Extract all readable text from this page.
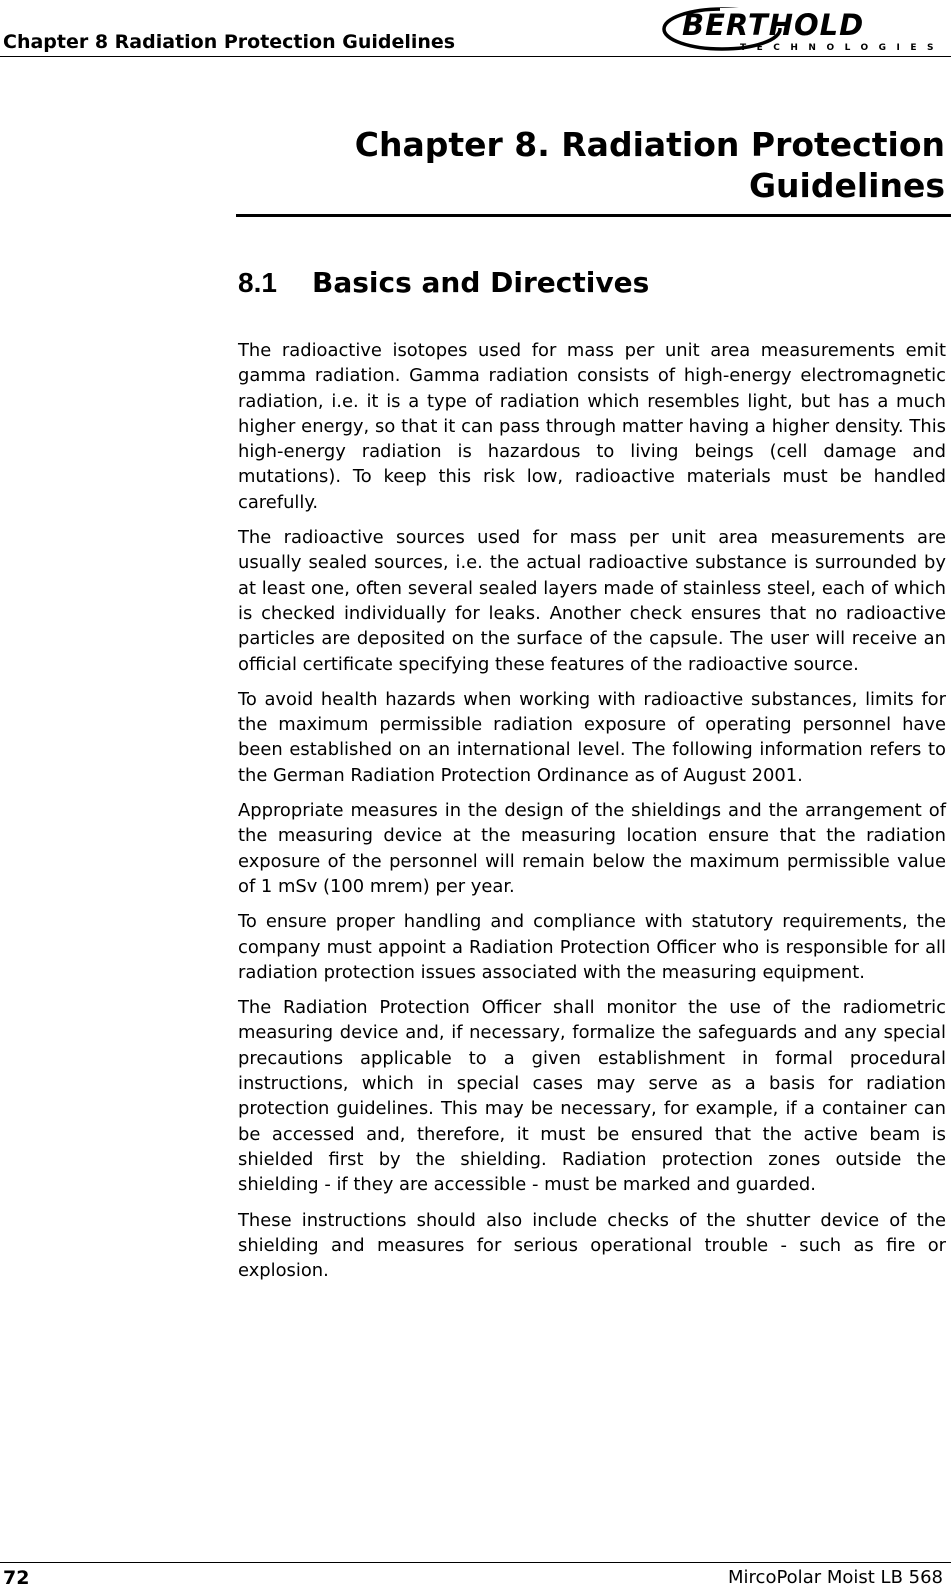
Chapter 8 Radiation Protection Guidelines	BERTHOLD
TECHNOLOGIES
Chapter 8. Radiation Protection
Guidelines
8.1 Basics and Directives

The radioactive isotopes used for mass per unit area measurements emit gamma radiation. Gamma radiation consists of high-energy electromagnetic radiation, i.e. it is a type of radiation which resembles light, but has a much higher energy, so that it can pass through matter having a higher density. This high-energy radiation is hazardous to living beings (cell damage and mutations). To keep this risk low, radioactive materials must be handled carefully.

The radioactive sources used for mass per unit area measurements are usually sealed sources, i.e. the actual radioactive substance is surrounded by at least one, often several sealed layers made of stainless steel, each of which is checked individually for leaks. Another check ensures that no radioactive particles are deposited on the surface of the capsule. The user will receive an official certificate specifying these features of the radioactive source.

To avoid health hazards when working with radioactive substances, limits for the maximum permissible radiation exposure of operating personnel have been established on an international level. The following information refers to the German Radiation Protection Ordinance as of August 2001.

Appropriate measures in the design of the shieldings and the arrangement of the measuring device at the measuring location ensure that the radiation exposure of the personnel will remain below the maximum permissible value of 1 mSv (100 mrem) per year.

To ensure proper handling and compliance with statutory requirements, the company must appoint a Radiation Protection Officer who is responsible for all radiation protection issues associated with the measuring equipment.

The Radiation Protection Officer shall monitor the use of the radiometric measuring device and, if necessary, formalize the safeguards and any special precautions applicable to a given establishment in formal procedural instructions, which in special cases may serve as a basis for radiation protection guidelines. This may be necessary, for example, if a container can be accessed and, therefore, it must be ensured that the active beam is shielded first by the shielding. Radiation protection zones outside the shielding - if they are accessible - must be marked and guarded.

These instructions should also include checks of the shutter device of the shielding and measures for serious operational trouble - such as fire or explosion.

72	MircoPolar Moist LB 568
